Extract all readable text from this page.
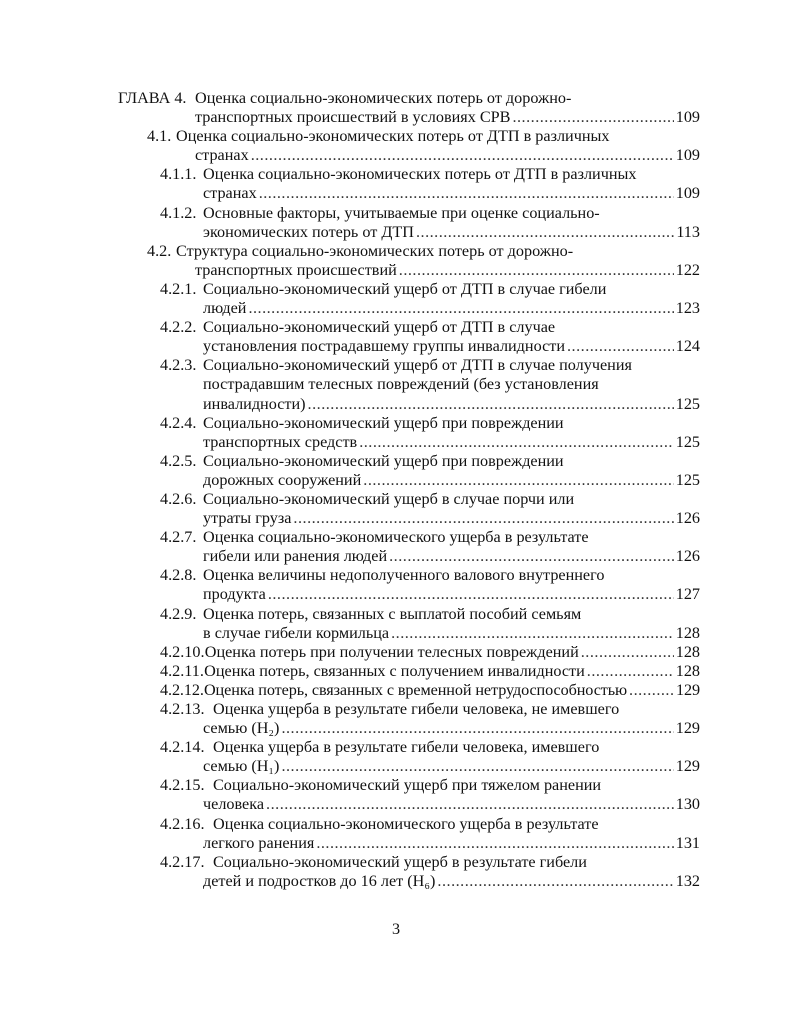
ГЛАВА 4. Оценка социально-экономических потерь от дорожно-
транспортных происшествий в условиях СРВ .....	109
4.1. Оценка социально-экономических потерь от ДТП в различных
странах .....	109
4.1.1. Оценка социально-экономических потерь от ДТП в различных
странах .....	109
4.1.2. Основные факторы, учитываемые при оценке социально-
экономических потерь от ДТП .....	113
4.2. Структура социально-экономических потерь от дорожно-
транспортных происшествий .....	122
4.2.1. Социально-экономический ущерб от ДТП в случае гибели
людей .....	123
4.2.2. Социально-экономический ущерб от ДТП в случае
установления пострадавшему группы инвалидности .....	124
4.2.3. Социально-экономический ущерб от ДТП в случае получения
пострадавшим телесных повреждений (без установления
инвалидности) .....	125
4.2.4. Социально-экономический ущерб при повреждении
транспортных средств .....	125
4.2.5. Социально-экономический ущерб при повреждении
дорожных сооружений .....	125
4.2.6. Социально-экономический ущерб в случае порчи или
утраты груза .....	126
4.2.7. Оценка социально-экономического ущерба в результате
гибели или ранения людей .....	126
4.2.8. Оценка величины недополученного валового внутреннего
продукта .....	127
4.2.9. Оценка потерь, связанных с выплатой пособий семьям
в случае гибели кормильца .....	128
4.2.10. Оценка потерь при получении телесных повреждений .....	128
4.2.11. Оценка потерь, связанных с получением инвалидности .....	128
4.2.12. Оценка потерь, связанных с временной нетрудоспособностью .....	129
4.2.13. Оценка ущерба в результате гибели человека, не имевшего
семью (H₂) .....	129
4.2.14. Оценка ущерба в результате гибели человека, имевшего
семью (H₁) .....	129
4.2.15. Социально-экономический ущерб при тяжелом ранении
человека .....	130
4.2.16. Оценка социально-экономического ущерба в результате
легкого ранения .....	131
4.2.17. Социально-экономический ущерб в результате гибели
детей и подростков до 16 лет (H₆) .....	132
3
